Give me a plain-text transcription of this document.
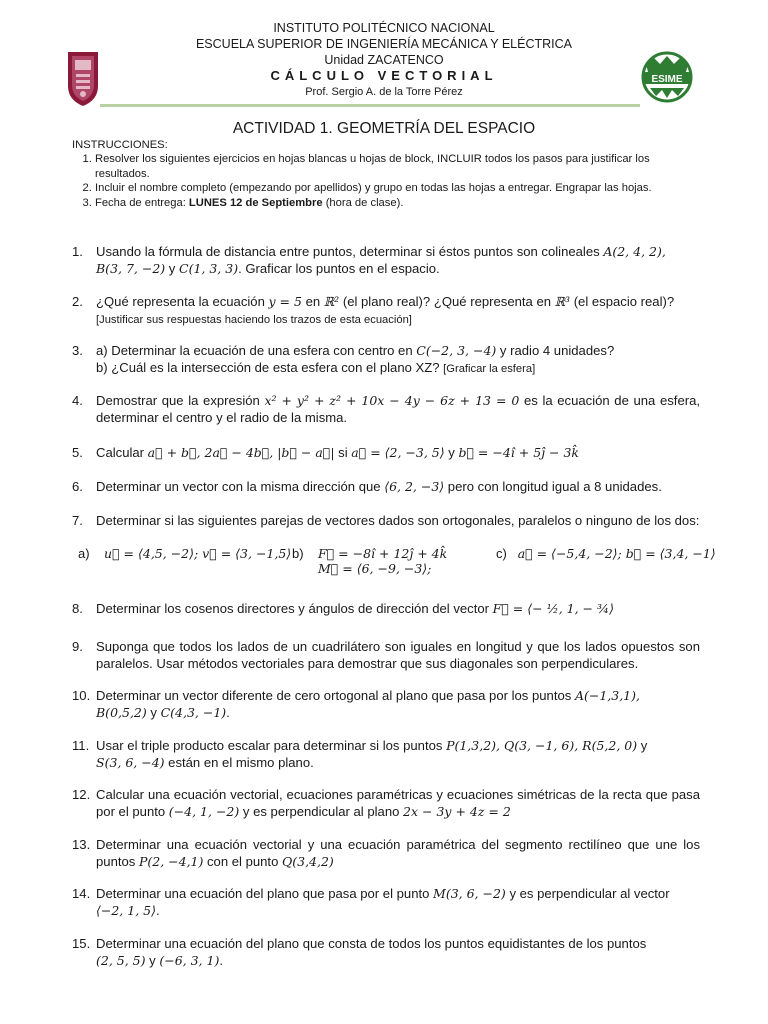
ESIME
INSTITUTO POLITÉCNICO NACIONAL
ESCUELA SUPERIOR DE INGENIERÍA MECÁNICA Y ELÉCTRICA
Unidad ZACATENCO
CÁLCULO VECTORIAL
Prof. Sergio A. de la Torre Pérez
ACTIVIDAD 1. GEOMETRÍA DEL ESPACIO
INSTRUCCIONES:
1. Resolver los siguientes ejercicios en hojas blancas u hojas de block, INCLUIR todos los pasos para justificar los resultados.
2. Incluir el nombre completo (empezando por apellidos) y grupo en todas las hojas a entregar. Engrapar las hojas.
3. Fecha de entrega: LUNES 12 de Septiembre (hora de clase).
1. Usando la fórmula de distancia entre puntos, determinar si éstos puntos son colineales A(2, 4, 2),
B(3, 7, −2) y C(1, 3, 3). Graficar los puntos en el espacio.
2. ¿Qué representa la ecuación y = 5 en ℝ² (el plano real)? ¿Qué representa en ℝ³ (el espacio real)?
[Justificar sus respuestas haciendo los trazos de esta ecuación]
3. a) Determinar la ecuación de una esfera con centro en C(−2, 3, −4) y radio 4 unidades?
b) ¿Cuál es la intersección de esta esfera con el plano XZ? [Graficar la esfera]
4. Demostrar que la expresión x² + y² + z² + 10x − 4y − 6z + 13 = 0 es la ecuación de una esfera, determinar el centro y el radio de la misma.
5. Calcular a⃗ + b⃗, 2a⃗ − 4b⃗, |b⃗ − a⃗| si a⃗ = ⟨2, −3, 5⟩ y b⃗ = −4î + 5ĵ − 3k̂
6. Determinar un vector con la misma dirección que ⟨6, 2, −3⟩ pero con longitud igual a 8 unidades.
7. Determinar si las siguientes parejas de vectores dados son ortogonales, paralelos o ninguno de los dos:
a) u⃗ = ⟨4,5, −2⟩; v⃗ = ⟨3, −1,5⟩ b) F⃗ = −8î + 12ĵ + 4k̂
M⃗ = ⟨6, −9, −3⟩;
c) a⃗ = ⟨−5,4, −2⟩; b⃗ = ⟨3,4, −1⟩
8. Determinar los cosenos directores y ángulos de dirección del vector F⃗ = ⟨− ½, 1, − ¾⟩
9. Suponga que todos los lados de un cuadrilátero son iguales en longitud y que los lados opuestos son paralelos. Usar métodos vectoriales para demostrar que sus diagonales son perpendiculares.
10. Determinar un vector diferente de cero ortogonal al plano que pasa por los puntos A(−1,3,1),
B(0,5,2) y C(4,3, −1).
11. Usar el triple producto escalar para determinar si los puntos P(1,3,2), Q(3, −1, 6), R(5,2, 0) y
S(3, 6, −4) están en el mismo plano.
12. Calcular una ecuación vectorial, ecuaciones paramétricas y ecuaciones simétricas de la recta que pasa por el punto (−4, 1, −2) y es perpendicular al plano 2x − 3y + 4z = 2
13. Determinar una ecuación vectorial y una ecuación paramétrica del segmento rectilíneo que une los puntos P(2, −4,1) con el punto Q(3,4,2)
14. Determinar una ecuación del plano que pasa por el punto M(3, 6, −2) y es perpendicular al vector
⟨−2, 1, 5⟩.
15. Determinar una ecuación del plano que consta de todos los puntos equidistantes de los puntos
(2, 5, 5) y (−6, 3, 1).
